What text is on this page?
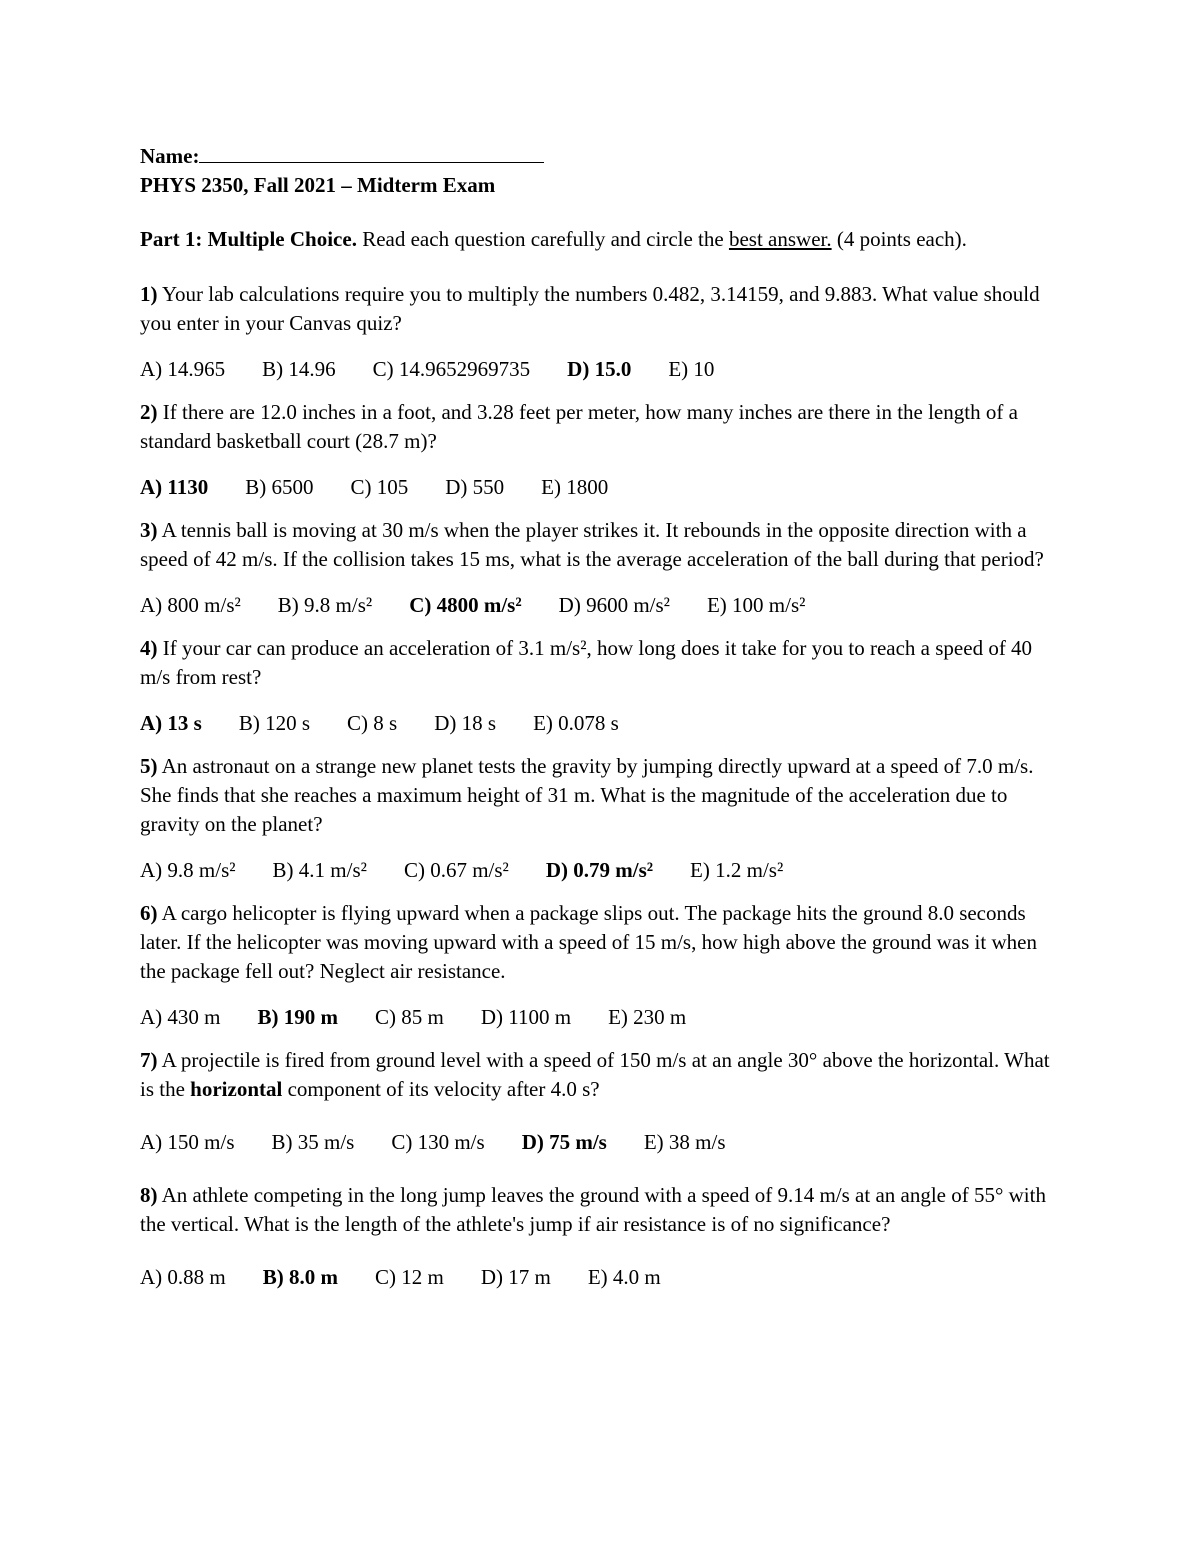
Name:
PHYS 2350, Fall 2021 – Midterm Exam
Part 1: Multiple Choice. Read each question carefully and circle the best answer. (4 points each).
1) Your lab calculations require you to multiply the numbers 0.482, 3.14159, and 9.883. What value should you enter in your Canvas quiz?
A) 14.965 B) 14.96 C) 14.9652969735 D) 15.0 E) 10
2) If there are 12.0 inches in a foot, and 3.28 feet per meter, how many inches are there in the length of a standard basketball court (28.7 m)?
A) 1130 B) 6500 C) 105 D) 550 E) 1800
3) A tennis ball is moving at 30 m/s when the player strikes it. It rebounds in the opposite direction with a speed of 42 m/s. If the collision takes 15 ms, what is the average acceleration of the ball during that period?
A) 800 m/s² B) 9.8 m/s² C) 4800 m/s² D) 9600 m/s² E) 100 m/s²
4) If your car can produce an acceleration of 3.1 m/s², how long does it take for you to reach a speed of 40 m/s from rest?
A) 13 s B) 120 s C) 8 s D) 18 s E) 0.078 s
5) An astronaut on a strange new planet tests the gravity by jumping directly upward at a speed of 7.0 m/s. She finds that she reaches a maximum height of 31 m. What is the magnitude of the acceleration due to gravity on the planet?
A) 9.8 m/s² B) 4.1 m/s² C) 0.67 m/s² D) 0.79 m/s² E) 1.2 m/s²
6) A cargo helicopter is flying upward when a package slips out. The package hits the ground 8.0 seconds later. If the helicopter was moving upward with a speed of 15 m/s, how high above the ground was it when the package fell out? Neglect air resistance.
A) 430 m B) 190 m C) 85 m D) 1100 m E) 230 m
7) A projectile is fired from ground level with a speed of 150 m/s at an angle 30° above the horizontal. What is the horizontal component of its velocity after 4.0 s?
A) 150 m/s B) 35 m/s C) 130 m/s D) 75 m/s E) 38 m/s
8) An athlete competing in the long jump leaves the ground with a speed of 9.14 m/s at an angle of 55° with the vertical. What is the length of the athlete's jump if air resistance is of no significance?
A) 0.88 m B) 8.0 m C) 12 m D) 17 m E) 4.0 m
